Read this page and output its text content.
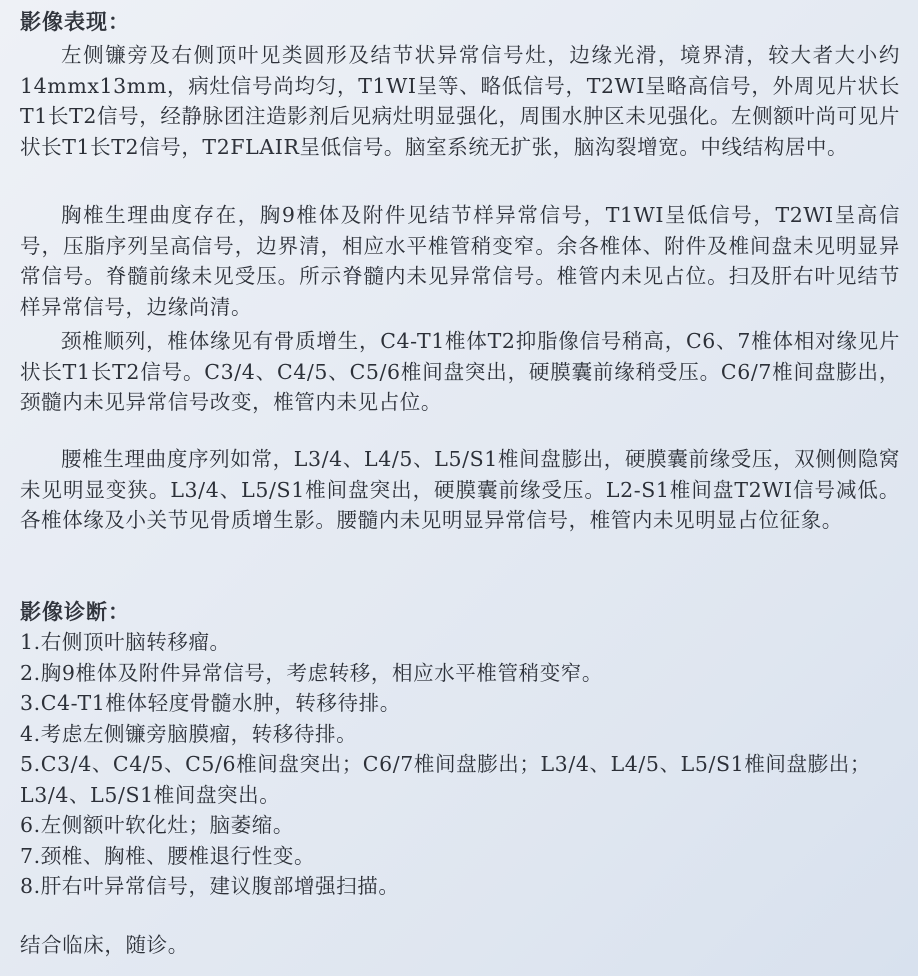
影像表现：
左侧镰旁及右侧顶叶见类圆形及结节状异常信号灶，边缘光滑，境界清，较大者大小约14mmx13mm，病灶信号尚均匀，T1WI呈等、略低信号，T2WI呈略高信号，外周见片状长T1长T2信号，经静脉团注造影剂后见病灶明显强化，周围水肿区未见强化。左侧额叶尚可见片状长T1长T2信号，T2FLAIR呈低信号。脑室系统无扩张，脑沟裂增宽。中线结构居中。
胸椎生理曲度存在，胸9椎体及附件见结节样异常信号，T1WI呈低信号，T2WI呈高信号，压脂序列呈高信号，边界清，相应水平椎管稍变窄。余各椎体、附件及椎间盘未见明显异常信号。脊髓前缘未见受压。所示脊髓内未见异常信号。椎管内未见占位。扫及肝右叶见结节样异常信号，边缘尚清。
颈椎顺列，椎体缘见有骨质增生，C4-T1椎体T2抑脂像信号稍高，C6、7椎体相对缘见片状长T1长T2信号。C3/4、C4/5、C5/6椎间盘突出，硬膜囊前缘稍受压。C6/7椎间盘膨出，颈髓内未见异常信号改变，椎管内未见占位。
腰椎生理曲度序列如常，L3/4、L4/5、L5/S1椎间盘膨出，硬膜囊前缘受压，双侧侧隐窝未见明显变狭。L3/4、L5/S1椎间盘突出，硬膜囊前缘受压。L2-S1椎间盘T2WI信号减低。各椎体缘及小关节见骨质增生影。腰髓内未见明显异常信号，椎管内未见明显占位征象。
影像诊断：
1.右侧顶叶脑转移瘤。
2.胸9椎体及附件异常信号，考虑转移，相应水平椎管稍变窄。
3.C4-T1椎体轻度骨髓水肿，转移待排。
4.考虑左侧镰旁脑膜瘤，转移待排。
5.C3/4、C4/5、C5/6椎间盘突出；C6/7椎间盘膨出；L3/4、L4/5、L5/S1椎间盘膨出；L3/4、L5/S1椎间盘突出。
6.左侧额叶软化灶；脑萎缩。
7.颈椎、胸椎、腰椎退行性变。
8.肝右叶异常信号，建议腹部增强扫描。
结合临床，随诊。
